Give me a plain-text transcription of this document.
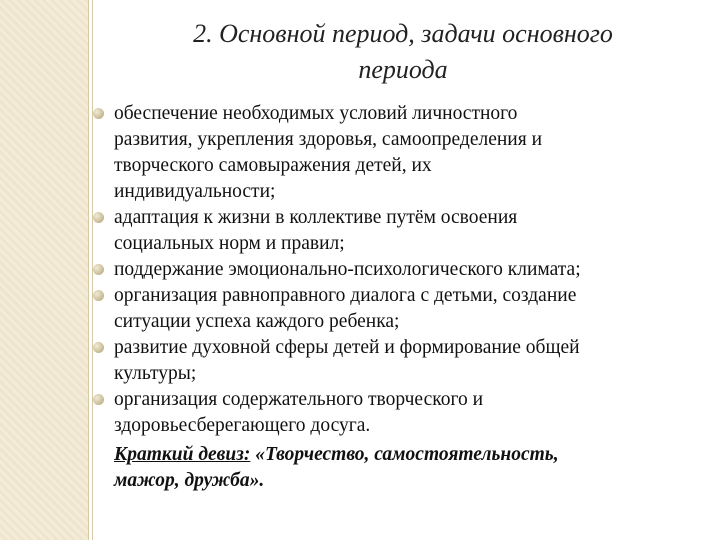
2. Основной период, задачи основного
периода
обеспечение необходимых условий личностного
развития, укрепления здоровья, самоопределения и
творческого самовыражения детей, их
индивидуальности;
адаптация к жизни в коллективе путём освоения
социальных норм и правил;
поддержание эмоционально-психологического климата;
организация равноправного диалога с детьми, создание
ситуации успеха каждого ребенка;
развитие духовной сферы детей и формирование общей
культуры;
организация содержательного творческого и
здоровьесберегающего досуга.
Краткий девиз: «Творчество, самостоятельность,
мажор, дружба».
